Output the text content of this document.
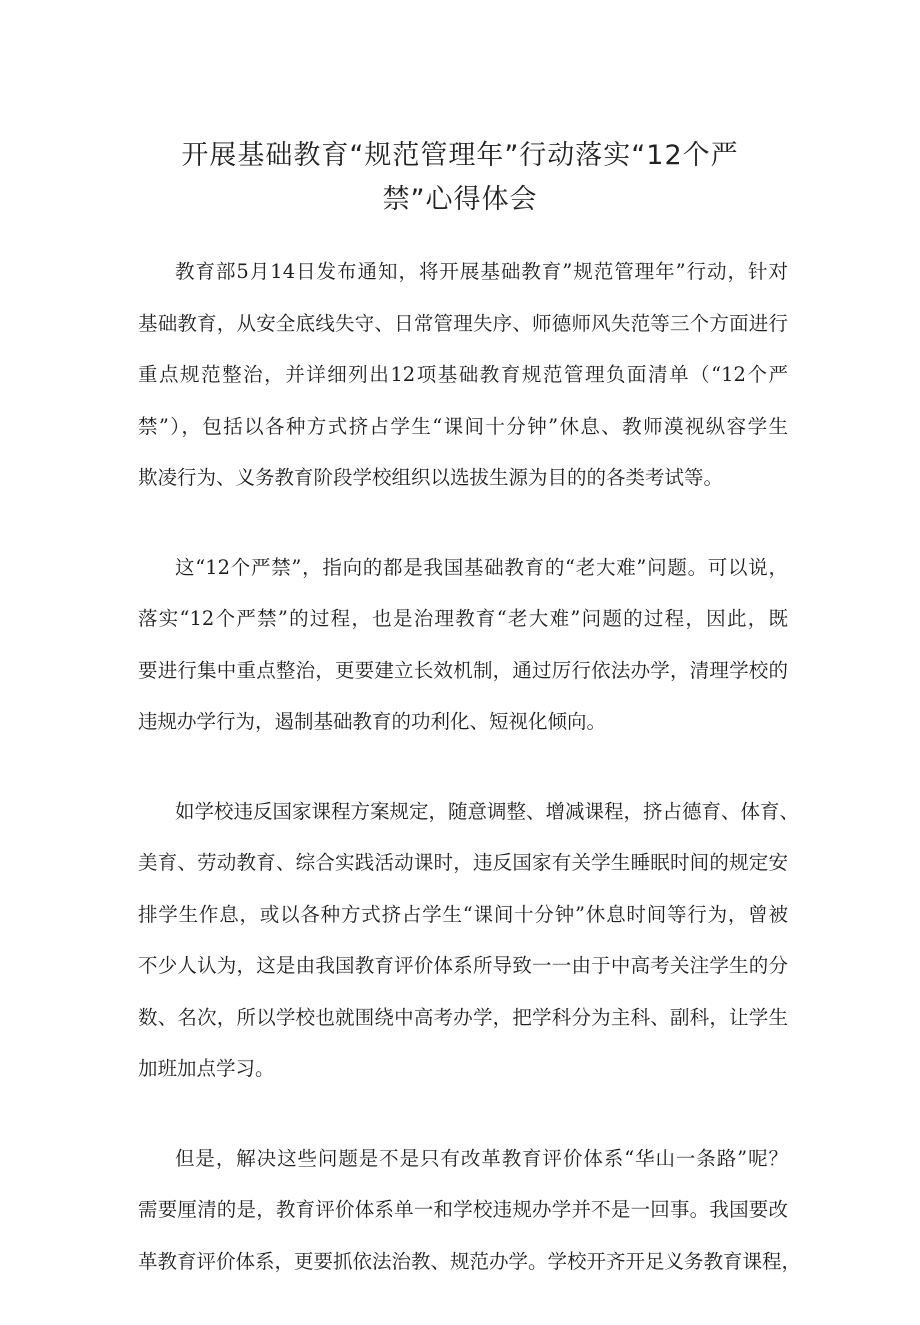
开展基础教育“规范管理年”行动落实“12个严
禁”心得体会

教育部5月14日发布通知，将开展基础教育”规范管理年”行动，针对
基础教育，从安全底线失守、日常管理失序、师德师风失范等三个方面进行
重点规范整治，并详细列出12项基础教育规范管理负面清单（“12个严
禁”），包括以各种方式挤占学生“课间十分钟”休息、教师漠视纵容学生
欺凌行为、义务教育阶段学校组织以选拔生源为目的的各类考试等。

这“12个严禁”，指向的都是我国基础教育的“老大难”问题。可以说，
落实“12个严禁”的过程，也是治理教育“老大难”问题的过程，因此，既
要进行集中重点整治，更要建立长效机制，通过厉行依法办学，清理学校的
违规办学行为，遏制基础教育的功利化、短视化倾向。

如学校违反国家课程方案规定，随意调整、增减课程，挤占德育、体育、
美育、劳动教育、综合实践活动课时，违反国家有关学生睡眠时间的规定安
排学生作息，或以各种方式挤占学生“课间十分钟”休息时间等行为，曾被
不少人认为，这是由我国教育评价体系所导致一一由于中高考关注学生的分
数、名次，所以学校也就围绕中高考办学，把学科分为主科、副科，让学生
加班加点学习。

但是，解决这些问题是不是只有改革教育评价体系“华山一条路”呢？
需要厘清的是，教育评价体系单一和学校违规办学并不是一回事。我国要改
革教育评价体系，更要抓依法治教、规范办学。学校开齐开足义务教育课程，
